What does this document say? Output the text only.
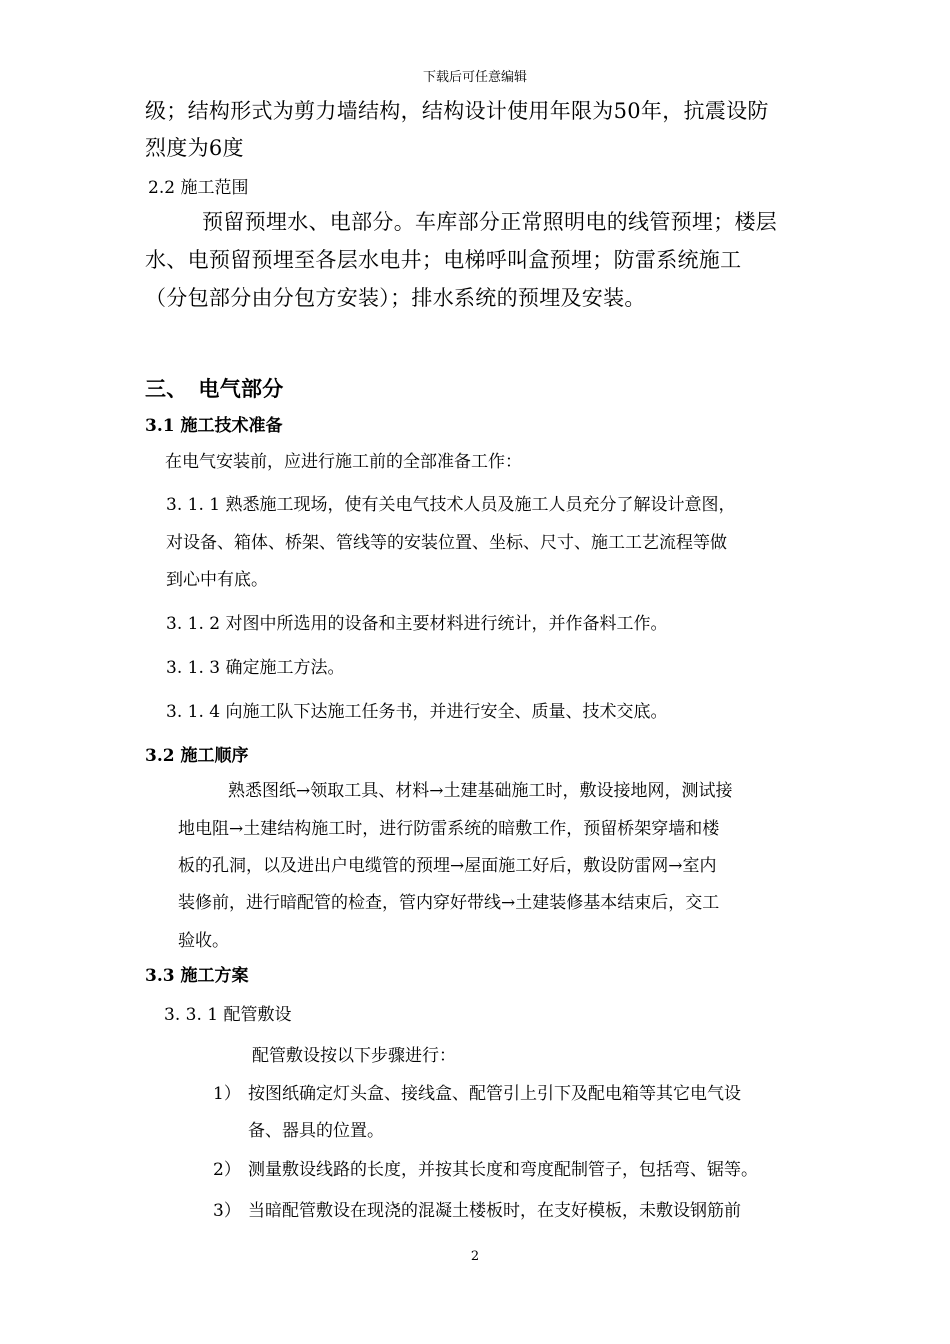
下载后可任意编辑
级；结构形式为剪力墙结构，结构设计使用年限为50年，抗震设防
烈度为6度
2.2 施工范围
预留预埋水、电部分。车库部分正常照明电的线管预埋；楼层
水、电预留预埋至各层水电井；电梯呼叫盒预埋；防雷系统施工
（分包部分由分包方安装）；排水系统的预埋及安装。
三、　电气部分
3.1 施工技术准备
在电气安装前，应进行施工前的全部准备工作：
3. 1. 1 熟悉施工现场，使有关电气技术人员及施工人员充分了解设计意图，
对设备、箱体、桥架、管线等的安装位置、坐标、尺寸、施工工艺流程等做
到心中有底。
3. 1. 2 对图中所选用的设备和主要材料进行统计，并作备料工作。
3. 1. 3 确定施工方法。
3. 1. 4 向施工队下达施工任务书，并进行安全、质量、技术交底。
3.2 施工顺序
熟悉图纸→领取工具、材料→土建基础施工时，敷设接地网，测试接
地电阻→土建结构施工时，进行防雷系统的暗敷工作，预留桥架穿墙和楼
板的孔洞，以及进出户电缆管的预埋→屋面施工好后，敷设防雷网→室内
装修前，进行暗配管的检查，管内穿好带线→土建装修基本结束后，交工
验收。
3.3 施工方案
3. 3. 1 配管敷设
配管敷设按以下步骤进行：
1） 按图纸确定灯头盒、接线盒、配管引上引下及配电箱等其它电气设
备、器具的位置。
2） 测量敷设线路的长度，并按其长度和弯度配制管子，包括弯、锯等。
3） 当暗配管敷设在现浇的混凝土楼板时，在支好模板，未敷设钢筋前
2
